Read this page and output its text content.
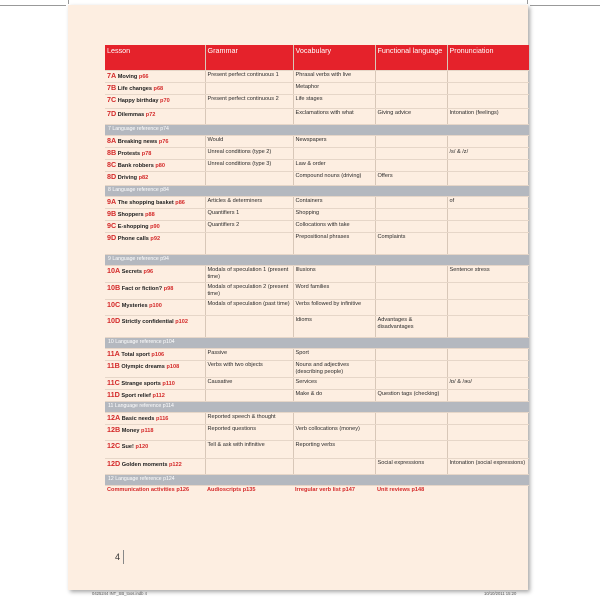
Lesson	Grammar	Vocabulary	Functional language	Pronunciation
7A Moving p66	Present perfect continuous 1	Phrasal verbs with live		
7B Life changes p68		Metaphor		
7C Happy birthday p70	Present perfect continuous 2	Life stages		
7D Dilemmas p72		Exclamations with what	Giving advice	Intonation (feelings)
7 Language reference p74				
8A Breaking news p76	Would	Newspapers		
8B Protests p78	Unreal conditions (type 2)			/s/ & /z/
8C Bank robbers p80	Unreal conditions (type 3)	Law & order		
8D Driving p82		Compound nouns (driving)	Offers	
8 Language reference p84				
9A The shopping basket p86	Articles & determiners	Containers		of
9B Shoppers p88	Quantifiers 1	Shopping		
9C E-shopping p90	Quantifiers 2	Collocations with take		
9D Phone calls p92		Prepositional phrases	Complaints	
9 Language reference p94				
10A Secrets p96	Modals of speculation 1 (present time)	Illusions		Sentence stress
10B Fact or fiction? p98	Modals of speculation 2 (present time)	Word families		
10C Mysteries p100	Modals of speculation (past time)	Verbs followed by infinitive		
10D Strictly confidential p102		Idioms	Advantages & disadvantages	
10 Language reference p104				
11A Total sport p106	Passive	Sport		
11B Olympic dreams p108	Verbs with two objects	Nouns and adjectives (describing people)		
11C Strange sports p110	Causative	Services		/ɒ/ & /əʊ/
11D Sport relief p112		Make & do	Question tags (checking)	
11 Language reference p114				
12A Basic needs p116	Reported speech & thought			
12B Money p118	Reported questions	Verb collocations (money)		
12C Sue! p120	Tell & ask with infinitive	Reporting verbs		
12D Golden moments p122			Social expressions	Intonation (social expressions)
12 Language reference p124				
Communication activities p126	Audioscripts p135	Irregular verb list p147	Unit reviews p148	
4
0425244 INT_SB_toos.indb 4	10/10/2011 15:20
